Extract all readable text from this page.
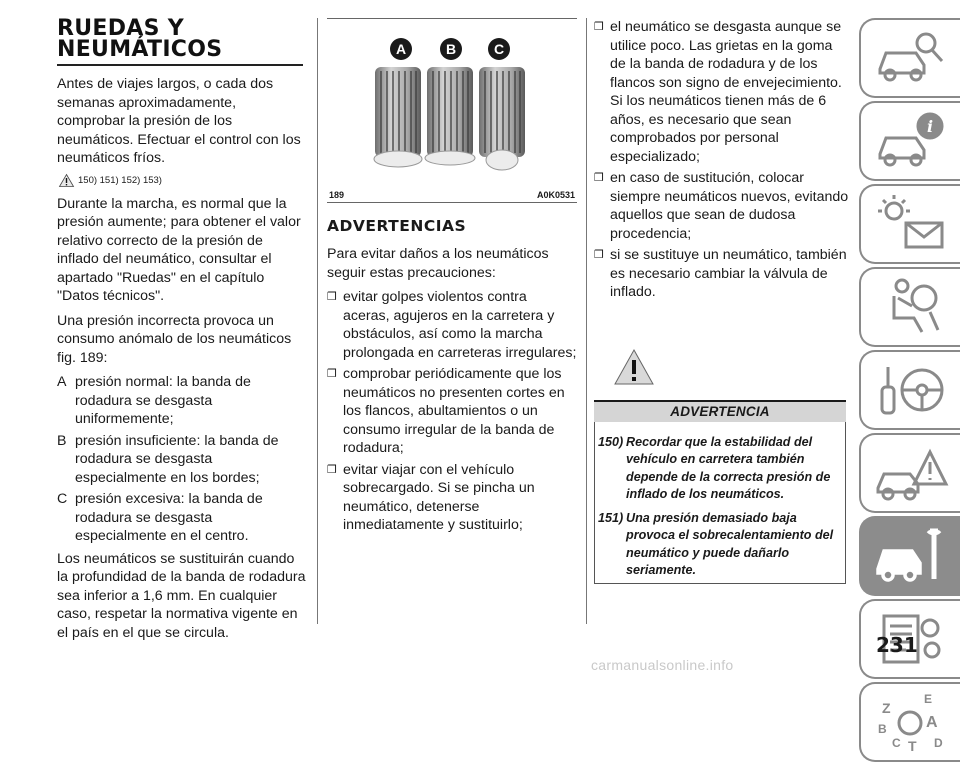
RUEDAS Y
NEUMÁTICOS

Antes de viajes largos, o cada dos semanas aproximadamente, comprobar la presión de los neumáticos. Efectuar el control con los neumáticos fríos.

150) 151) 152) 153)

Durante la marcha, es normal que la presión aumente; para obtener el valor relativo correcto de la presión de inflado del neumático, consultar el apartado "Ruedas" en el capítulo "Datos técnicos".

Una presión incorrecta provoca un consumo anómalo de los neumáticos fig. 189:

A presión normal: la banda de rodadura se desgasta uniformemente;
B presión insuficiente: la banda de rodadura se desgasta especialmente en los bordes;
C presión excesiva: la banda de rodadura se desgasta especialmente en el centro.

Los neumáticos se sustituirán cuando la profundidad de la banda de rodadura sea inferior a 1,6 mm. En cualquier caso, respetar la normativa vigente en el país en el que se circula.

A	B	C
189	A0K0531
ADVERTENCIAS

Para evitar daños a los neumáticos seguir estas precauciones:

❒ evitar golpes violentos contra aceras, agujeros en la carretera y obstáculos, así como la marcha prolongada en carreteras irregulares;
❒ comprobar periódicamente que los neumáticos no presenten cortes en los flancos, abultamientos o un consumo irregular de la banda de rodadura;
❒ evitar viajar con el vehículo sobrecargado. Si se pincha un neumático, detenerse inmediatamente y sustituirlo;
❒ el neumático se desgasta aunque se utilice poco. Las grietas en la goma de la banda de rodadura y de los flancos son signo de envejecimiento. Si los neumáticos tienen más de 6 años, es necesario que sean comprobados por personal especializado;
❒ en caso de sustitución, colocar siempre neumáticos nuevos, evitando aquellos que sean de dudosa procedencia;
❒ si se sustituye un neumático, también es necesario cambiar la válvula de inflado.
ADVERTENCIA
150) Recordar que la estabilidad del vehículo en carretera también depende de la correcta presión de inflado de los neumáticos.
151) Una presión demasiado baja provoca el sobrecalentamiento del neumático y puede dañarlo seriamente.
i
Z
E
B A
C T D
231
carmanualsonline.info
